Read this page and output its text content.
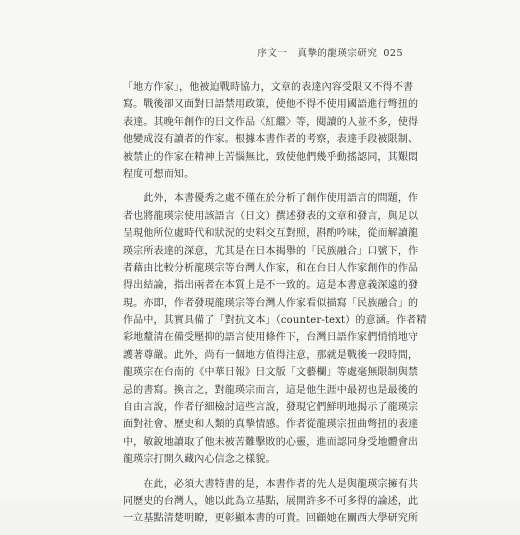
序文一 真摯的龍瑛宗研究 025
「地方作家」，他被迫戰時協力，文章的表達內容受限又不得不書
寫。戰後卻又面對日語禁用政策，使他不得不使用國語進行彆扭的
表達。其晚年創作的日文作品〈紅繼〉等，閱讀的人並不多，使得
他變成沒有讀者的作家。根據本書作者的考察，表達手段被限制、
被禁止的作家在精神上苦惱無比，致使他們幾乎動搖認同，其艱悶
程度可想而知。
　　此外，本書優秀之處不僅在於分析了創作使用語言的問題，作
者也將龍瑛宗使用該語言（日文）撰述發表的文章和發言，與足以
呈現他所位處時代和狀況的史料交互對照，斟酌吟味，從而解讀龍
瑛宗所表達的深意，尤其是在日本揭舉的「民族融合」口號下，作
者藉由比較分析龍瑛宗等台灣人作家，和在台日人作家創作的作品
得出結論，指出兩者在本質上是不一致的。這是本書意義深遠的發
現。亦即，作者發現龍瑛宗等台灣人作家看似描寫「民族融合」的
作品中，其實具備了「對抗文本」（counter-text）的意涵。作者精
彩地釐清在備受壓抑的語言使用條件下，台灣日語作家們悄悄地守
護著尊嚴。此外，尚有一個地方值得注意，那就是戰後一段時間，
龍瑛宗在台南的《中華日報》日文版「文藝欄」等處毫無限制與禁
忌的書寫。換言之，對龍瑛宗而言，這是他生涯中最初也是最後的
自由言說，作者仔細檢討這些言說，發現它們鮮明地揭示了龍瑛宗
面對社會、歷史和人類的真摯情感。作者從龍瑛宗扭曲彆扭的表達
中，敏銳地讀取了他未被苦難擊敗的心靈，進而認同身受地體會出
龍瑛宗打開久藏內心信念之樣貌。
　　在此，必須大書特書的是，本書作者的先人是與龍瑛宗擁有共
同歷史的台灣人，她以此為立基點，展開許多不可多得的論述，此
一立基點清楚明瞭，更彰顯本書的可貴。回顧她在關西大學研究所
